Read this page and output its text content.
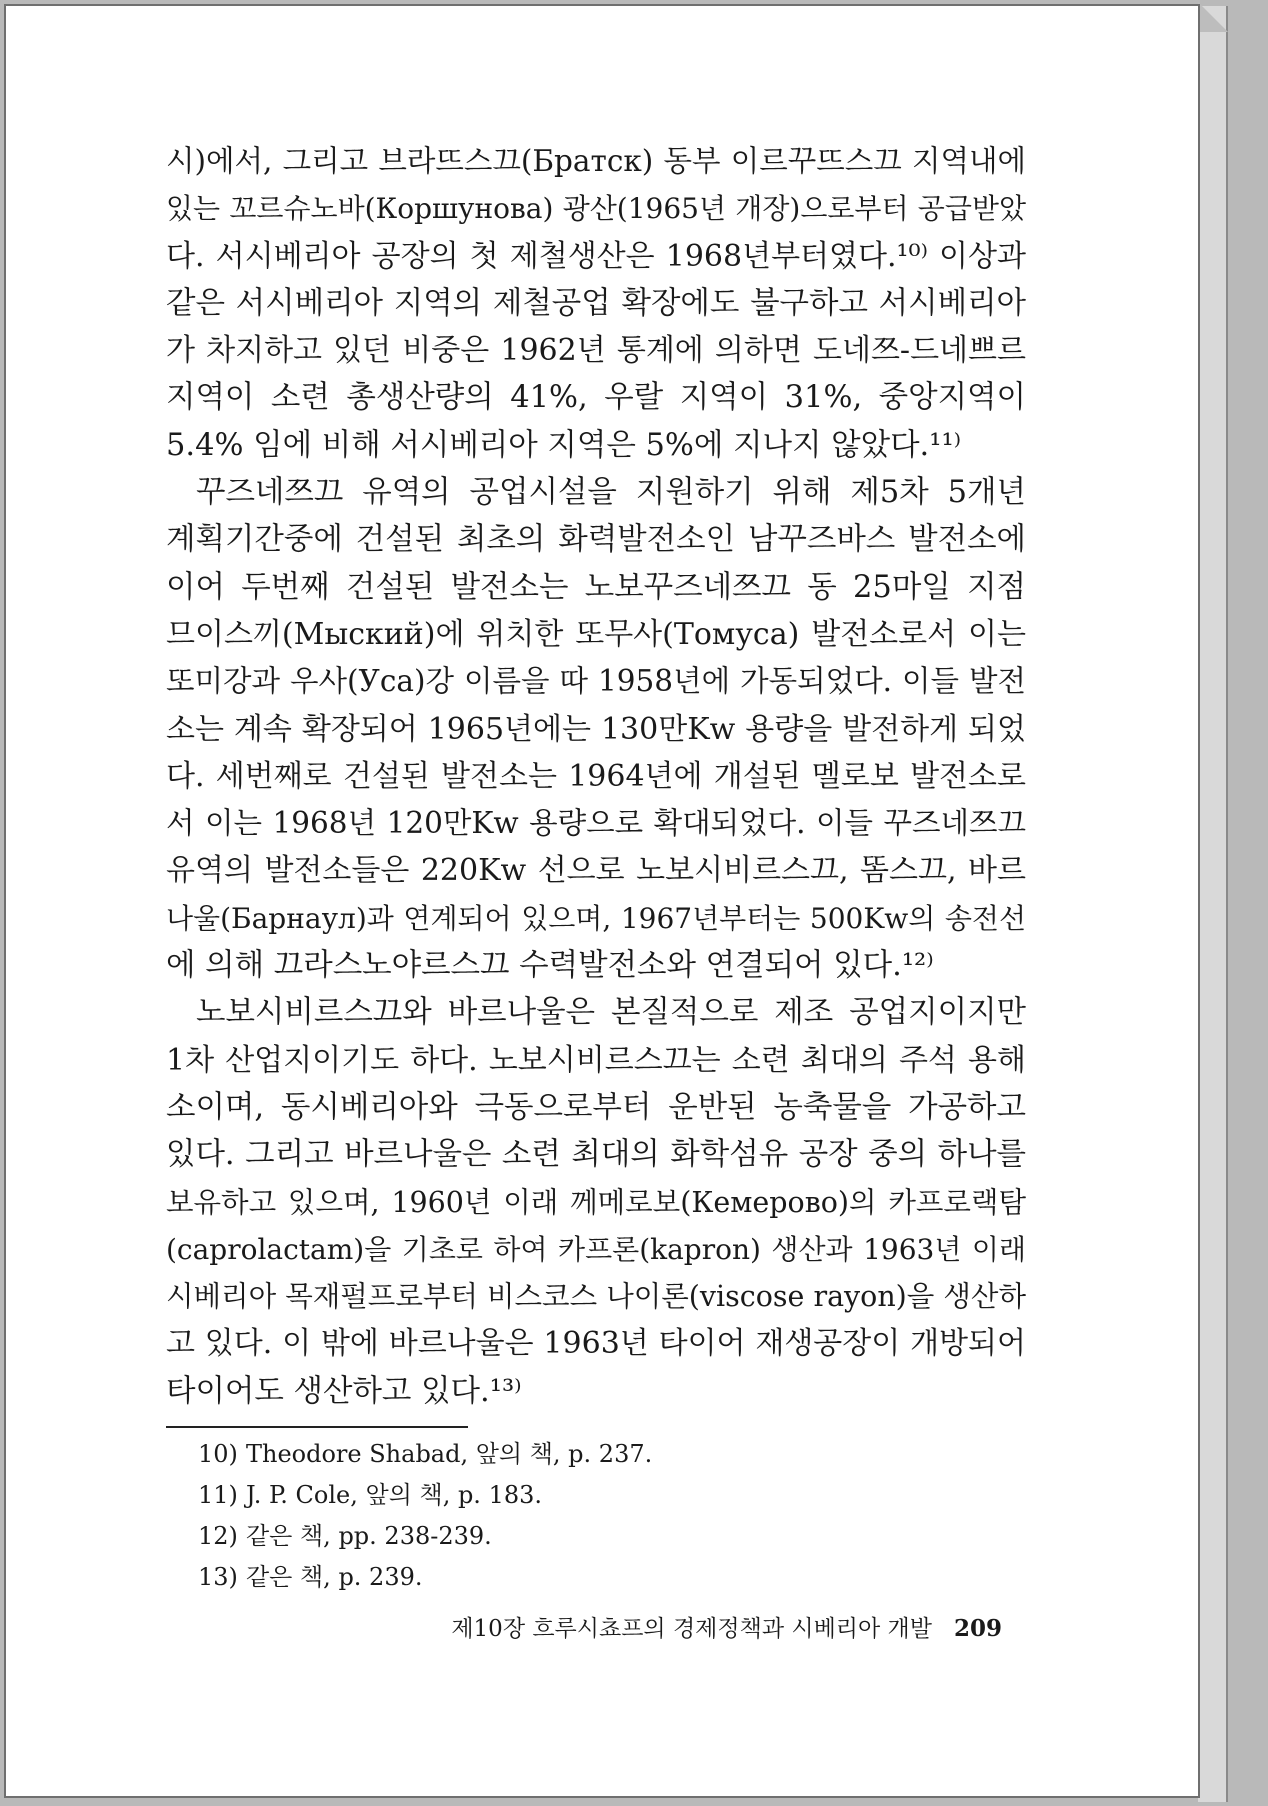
시)에서, 그리고 브라뜨스끄(Братск) 동부 이르꾸뜨스끄 지역내에

있는 꼬르슈노바(Коршунова) 광산(1965년 개장)으로부터 공급받았

다. 서시베리아 공장의 첫 제철생산은 1968년부터였다.¹⁰⁾ 이상과

같은 서시베리아 지역의 제철공업 확장에도 불구하고 서시베리아

가 차지하고 있던 비중은 1962년 통계에 의하면 도네쯔-드네쁘르

지역이 소련 총생산량의 41%, 우랄 지역이 31%, 중앙지역이

5.4% 임에 비해 서시베리아 지역은 5%에 지나지 않았다.¹¹⁾

꾸즈네쯔끄 유역의 공업시설을 지원하기 위해 제5차 5개년

계획기간중에 건설된 최초의 화력발전소인 남꾸즈바스 발전소에

이어 두번째 건설된 발전소는 노보꾸즈네쯔끄 동 25마일 지점

므이스끼(Мыский)에 위치한 또무사(Томуса) 발전소로서 이는

또미강과 우사(Уса)강 이름을 따 1958년에 가동되었다. 이들 발전

소는 계속 확장되어 1965년에는 130만Kw 용량을 발전하게 되었

다. 세번째로 건설된 발전소는 1964년에 개설된 멜로보 발전소로

서 이는 1968년 120만Kw 용량으로 확대되었다. 이들 꾸즈네쯔끄

유역의 발전소들은 220Kw 선으로 노보시비르스끄, 똠스끄, 바르

나울(Барнаул)과 연계되어 있으며, 1967년부터는 500Kw의 송전선

에 의해 끄라스노야르스끄 수력발전소와 연결되어 있다.¹²⁾

노보시비르스끄와 바르나울은 본질적으로 제조 공업지이지만

1차 산업지이기도 하다. 노보시비르스끄는 소련 최대의 주석 용해

소이며, 동시베리아와 극동으로부터 운반된 농축물을 가공하고

있다. 그리고 바르나울은 소련 최대의 화학섬유 공장 중의 하나를

보유하고 있으며, 1960년 이래 께메로보(Кемерово)의 카프로랙탐

(caprolactam)을 기초로 하여 카프론(kapron) 생산과 1963년 이래

시베리아 목재펄프로부터 비스코스 나이론(viscose rayon)을 생산하

고 있다. 이 밖에 바르나울은 1963년 타이어 재생공장이 개방되어

타이어도 생산하고 있다.¹³⁾

10) Theodore Shabad, 앞의 책, p. 237.
11) J. P. Cole, 앞의 책, p. 183.
12) 같은 책, pp. 238-239.
13) 같은 책, p. 239.
제10장 흐루시쵸프의 경제정책과 시베리아 개발 209
